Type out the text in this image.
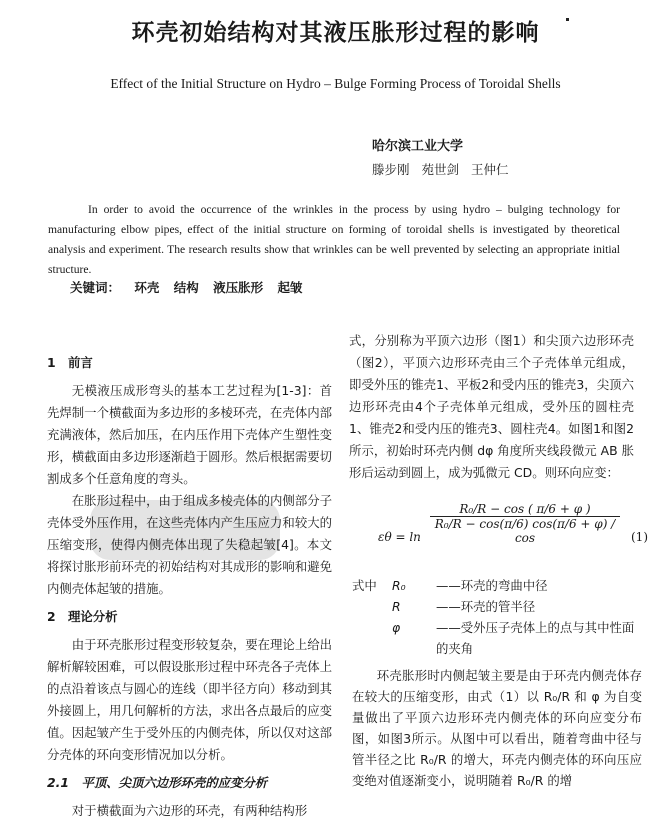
环壳初始结构对其液压胀形过程的影响
Effect of the Initial Structure on Hydro – Bulge Forming Process of Toroidal Shells
哈尔滨工业大学
滕步刚 苑世剑 王仲仁
In order to avoid the occurrence of the wrinkles in the process by using hydro – bulging technology for manufacturing elbow pipes, effect of the initial structure on forming of toroidal shells is investigated by theoretical analysis and experiment. The research results show that wrinkles can be well prevented by selecting an appropriate initial structure.
关键词： 环壳 结构 液压胀形 起皱
1　前言

无模液压成形弯头的基本工艺过程为[1-3]：首先焊制一个横截面为多边形的多棱环壳，在壳体内部充满液体，然后加压，在内压作用下壳体产生塑性变形，横截面由多边形逐渐趋于圆形。然后根据需要切割成多个任意角度的弯头。

在胀形过程中，由于组成多棱壳体的内侧部分子壳体受外压作用，在这些壳体内产生压应力和较大的压缩变形，使得内侧壳体出现了失稳起皱[4]。本文将探讨胀形前环壳的初始结构对其成形的影响和避免内侧壳体起皱的措施。

2　理论分析

由于环壳胀形过程变形较复杂，要在理论上给出解析解较困难，可以假设胀形过程中环壳各子壳体上的点沿着该点与圆心的连线（即半径方向）移动到其外接圆上，用几何解析的方法，求出各点最后的应变值。因起皱产生于受外压的内侧壳体，所以仅对这部分壳体的环向变形情况加以分析。

2.1　平顶、尖顶六边形环壳的应变分析

对于横截面为六边形的环壳，有两种结构形

式，分别称为平顶六边形（图1）和尖顶六边形环壳（图2），平顶六边形环壳由三个子壳体单元组成，即受外压的锥壳1、平板2和受内压的锥壳3，尖顶六边形环壳由4个子壳体单元组成，受外压的圆柱壳1、锥壳2和受内压的锥壳3、圆柱壳4。如图1和图2所示，初始时环壳内侧 dφ 角度所夹线段微元 AB 胀形后运动到圆上，成为弧微元 CD。则环向应变：

εθ = ln
R₀/R − cos ( π/6 + φ )
R₀/R − cos(π/6) cos(π/6 + φ) / cos	(1)
式中	R₀	——环壳的弯曲中径
R	——环壳的管半径
φ	——受外压子壳体上的点与其中性面的夹角

环壳胀形时内侧起皱主要是由于环壳内侧壳体存在较大的压缩变形，由式（1）以 R₀/R 和 φ 为自变量做出了平顶六边形环壳内侧壳体的环向应变分布图，如图3所示。从图中可以看出，随着弯曲中径与管半径之比 R₀/R 的增大，环壳内侧壳体的环向压应变绝对值逐渐变小，说明随着 R₀/R 的增
